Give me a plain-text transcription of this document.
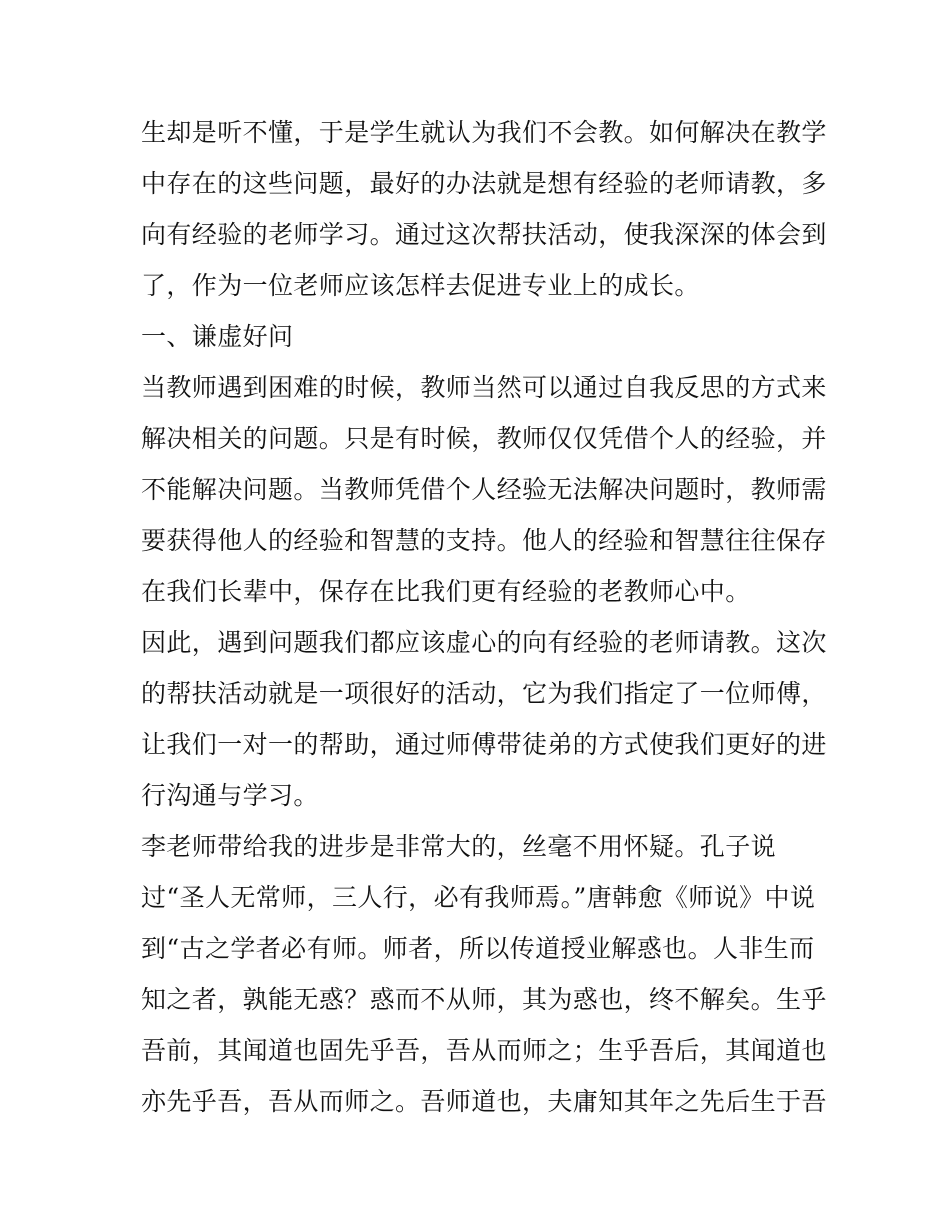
生却是听不懂，于是学生就认为我们不会教。如何解决在教学
中存在的这些问题，最好的办法就是想有经验的老师请教，多
向有经验的老师学习。通过这次帮扶活动，使我深深的体会到
了，作为一位老师应该怎样去促进专业上的成长。
一、谦虚好问
当教师遇到困难的时候，教师当然可以通过自我反思的方式来
解决相关的问题。只是有时候，教师仅仅凭借个人的经验，并
不能解决问题。当教师凭借个人经验无法解决问题时，教师需
要获得他人的经验和智慧的支持。他人的经验和智慧往往保存
在我们长辈中，保存在比我们更有经验的老教师心中。
因此，遇到问题我们都应该虚心的向有经验的老师请教。这次
的帮扶活动就是一项很好的活动，它为我们指定了一位师傅，
让我们一对一的帮助，通过师傅带徒弟的方式使我们更好的进
行沟通与学习。
李老师带给我的进步是非常大的，丝毫不用怀疑。孔子说
过“圣人无常师，三人行，必有我师焉。”唐韩愈《师说》中说
到“古之学者必有师。师者，所以传道授业解惑也。人非生而
知之者，孰能无惑？惑而不从师，其为惑也，终不解矣。生乎
吾前，其闻道也固先乎吾，吾从而师之；生乎吾后，其闻道也
亦先乎吾，吾从而师之。吾师道也，夫庸知其年之先后生于吾
